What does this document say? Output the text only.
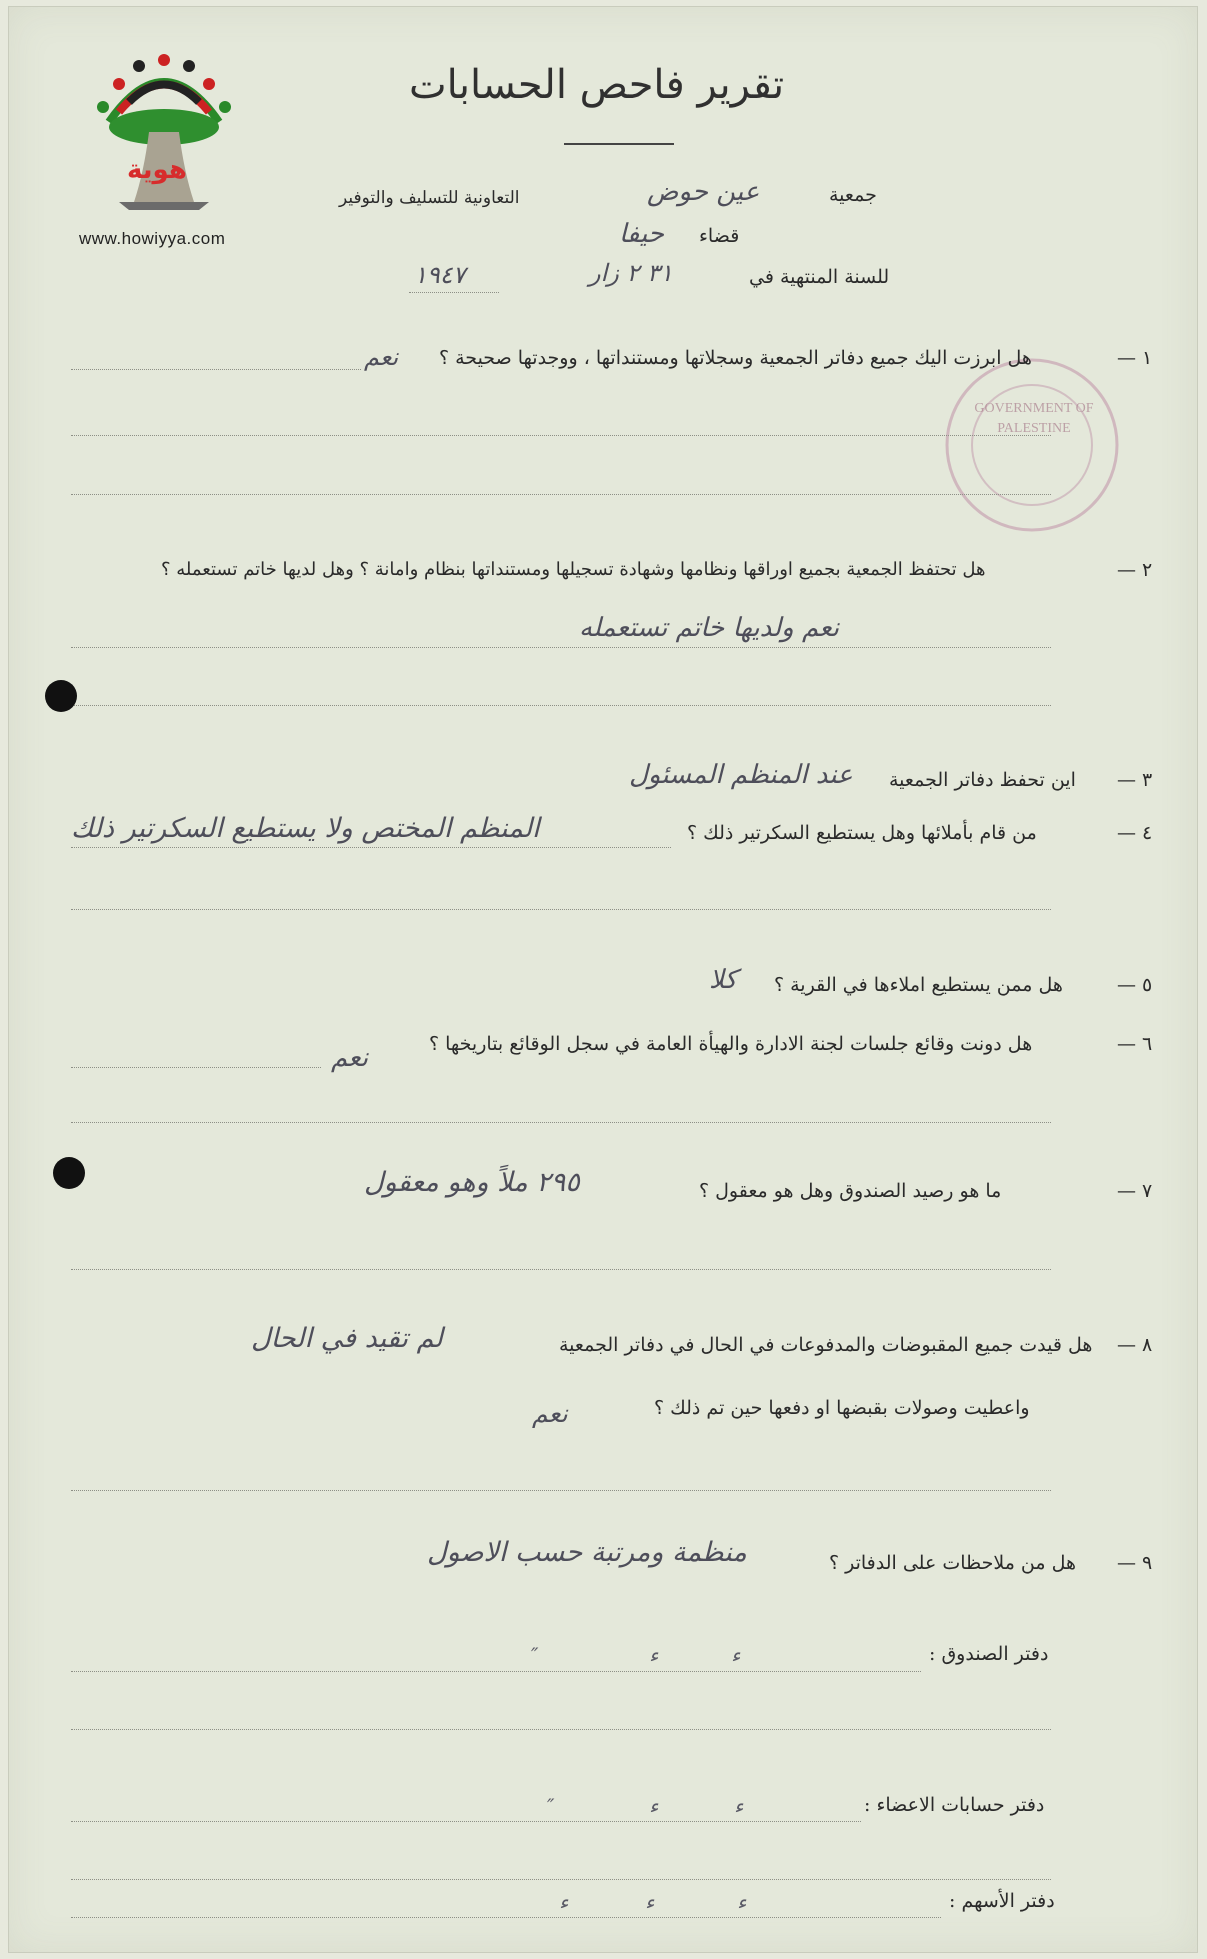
هوية
www.howiyya.com
GOVERNMENT OF PALESTINE
تقرير فاحص الحسابات
جمعية
عين حوض
التعاونية للتسليف والتوفير
قضاء
حيفا
للسنة المنتهية في
٣١ ٢ زار
١٩٤٧
١ —
هل ابرزت اليك جميع دفاتر الجمعية وسجلاتها ومستنداتها ، ووجدتها صحيحة ؟
نعم
٢ —
هل تحتفظ الجمعية بجميع اوراقها ونظامها وشهادة تسجيلها ومستنداتها بنظام وامانة ؟ وهل لديها خاتم تستعمله ؟
نعم ولديها خاتم تستعمله
٣ —
اين تحفظ دفاتر الجمعية
عند المنظم المسئول
٤ —
من قام بأملائها وهل يستطيع السكرتير ذلك ؟
المنظم المختص ولا يستطيع السكرتير ذلك
٥ —
هل ممن يستطيع املاءها في القرية ؟
كلا
٦ —
هل دونت وقائع جلسات لجنة الادارة والهيأة العامة في سجل الوقائع بتاريخها ؟
نعم
٧ —
ما هو رصيد الصندوق وهل هو معقول ؟
٢٩٥ ملاً وهو معقول
٨ —
هل قيدت جميع المقبوضات والمدفوعات في الحال في دفاتر الجمعية
لم تقيد في الحال
واعطيت وصولات بقبضها او دفعها حين تم ذلك ؟
نعم
٩ —
هل من ملاحظات على الدفاتر ؟
منظمة ومرتبة حسب الاصول
دفتر الصندوق :
ء
ء
″
دفتر حسابات الاعضاء :
ء
ء
″
دفتر الأسهم :
ء
ء
ء
